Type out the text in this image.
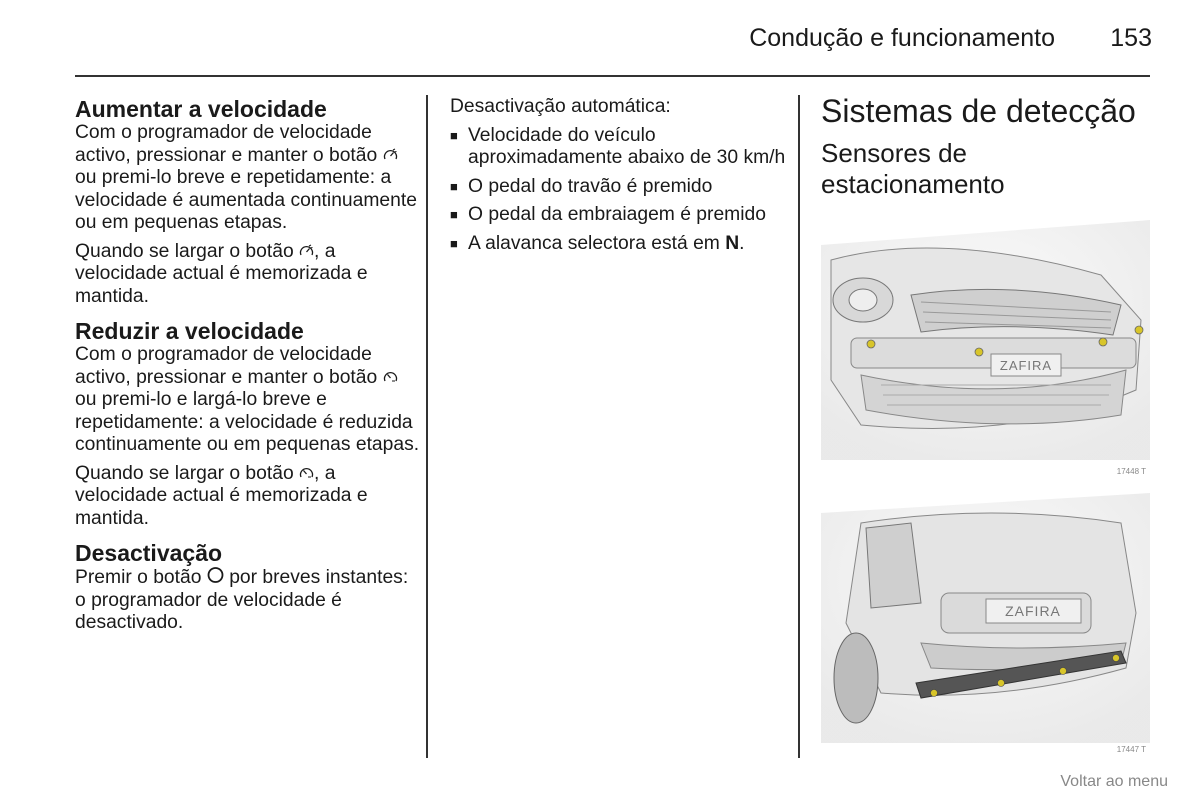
Condução e funcionamento 153
Aumentar a velocidade

Com o programador de velocidade activo, pressionar e manter o botão  ou premi-lo breve e repetidamente: a velocidade é aumentada continuamente ou em pequenas etapas.

Quando se largar o botão , a velocidade actual é memorizada e mantida.

Reduzir a velocidade

Com o programador de velocidade activo, pressionar e manter o botão  ou premi-lo e largá-lo breve e repetidamente: a velocidade é reduzida continuamente ou em pequenas etapas.

Quando se largar o botão , a velocidade actual é memorizada e mantida.

Desactivação

Premir o botão por breves instantes: o programador de velocidade é desactivado.

Desactivação automática:

■ Velocidade do veículo aproximadamente abaixo de 30 km/h
■ O pedal do travão é premido
■ O pedal da embraiagem é premido
■ A alavanca selectora está em N.
Sistemas de detecção
Sensores de estacionamento
ZAFIRA
17448 T
ZAFIRA
17447 T
Voltar ao menu
